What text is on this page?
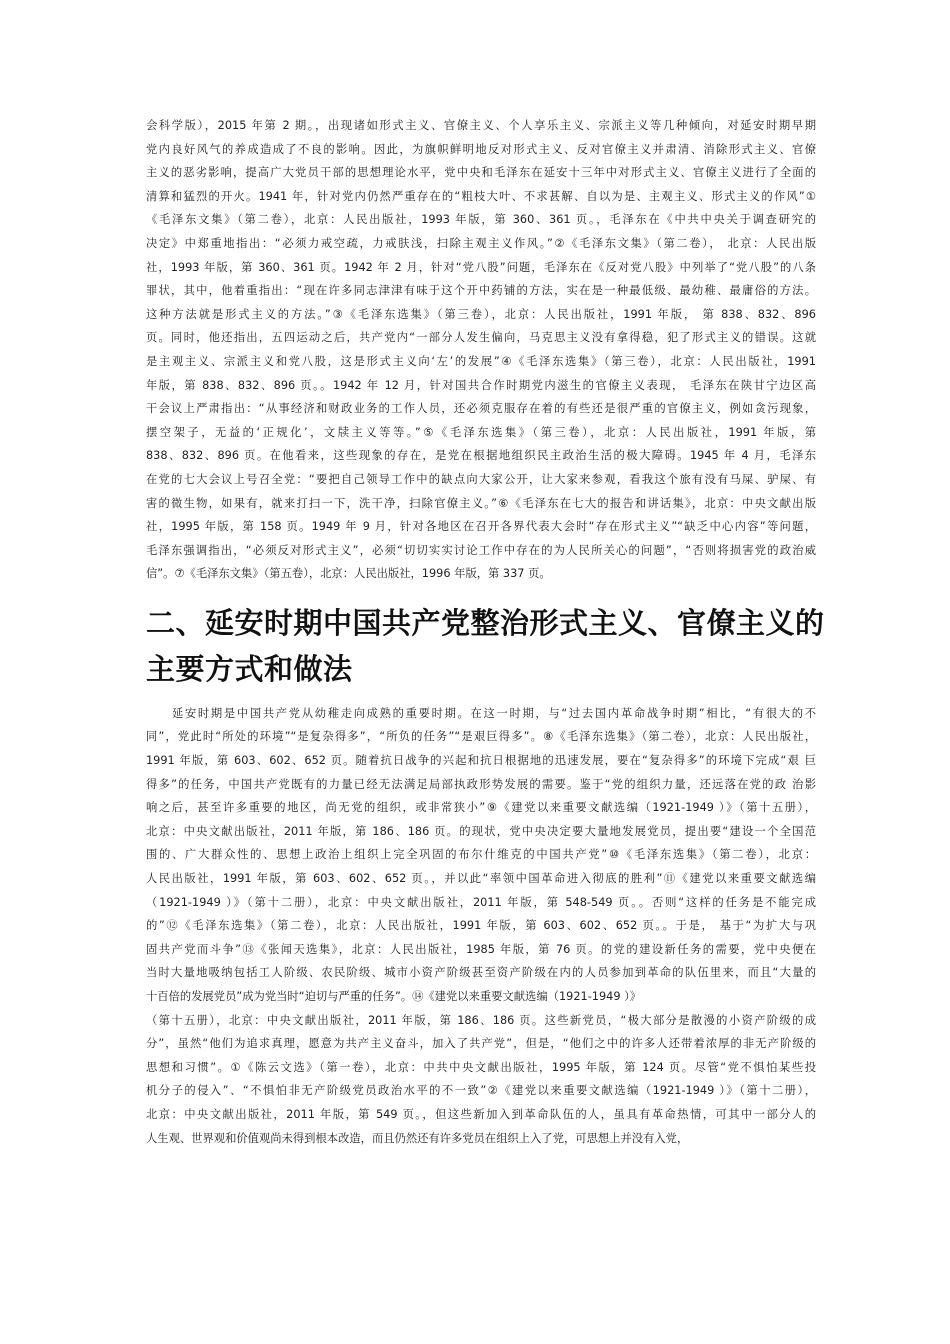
会科学版），2015 年第 2 期。，出现诸如形式主义、官僚主义、个人享乐主义、宗派主义等几种倾向，对延安时期早期

党内良好风气的养成造成了不良的影响。因此，为旗帜鲜明地反对形式主义、反对官僚主义并肃清、消除形式主义、官僚

主义的恶劣影响，提高广大党员干部的思想理论水平，党中央和毛泽东在延安十三年中对形式主义、官僚主义进行了全面的

清算和猛烈的开火。1941 年，针对党内仍然严重存在的“粗枝大叶、不求甚解、自以为是、主观主义、形式主义的作风”①

《毛泽东文集》（第二卷），北京：人民出版社，1993 年版，第 360、361 页。，毛泽东在《中共中央关于调查研究的

决定》中郑重地指出：“必须力戒空疏，力戒肤浅，扫除主观主义作风。”②《毛泽东文集》（第二卷）， 北京：人民出版

社，1993 年版，第 360、361 页。1942 年 2 月，针对“党八股”问题，毛泽东在《反对党八股》中列举了“党八股”的八条

罪状，其中，他着重指出：“现在许多同志津津有味于这个开中药铺的方法，实在是一种最低级、最幼稚、最庸俗的方法。

这种方法就是形式主义的方法。”③《毛泽东选集》（第三卷），北京：人民出版社，1991 年版， 第 838、832、896

页。同时，他还指出，五四运动之后，共产党内“一部分人发生偏向，马克思主义没有拿得稳，犯了形式主义的错误。这就

是主观主义、宗派主义和党八股，这是形式主义向‘左’的发展”④《毛泽东选集》（第三卷），北京：人民出版社，1991

年版，第 838、832、896 页。。1942 年 12 月，针对国共合作时期党内滋生的官僚主义表现， 毛泽东在陕甘宁边区高

干会议上严肃指出：“从事经济和财政业务的工作人员，还必须克服存在着的有些还是很严重的官僚主义，例如贪污现象，

摆空架子，无益的‘正规化’，文牍主义等等。”⑤《毛泽东选集》（第三卷），北京：人民出版社，1991 年版，第

838、832、896 页。在他看来，这些现象的存在，是党在根据地组织民主政治生活的极大障碍。1945 年 4 月，毛泽东

在党的七大会议上号召全党：“要把自己领导工作中的缺点向大家公开，让大家来参观，看我这个旅有没有马屎、驴屎、有

害的微生物，如果有，就来打扫一下，洗干净，扫除官僚主义。”⑥《毛泽东在七大的报告和讲话集》，北京：中央文献出版

社，1995 年版，第 158 页。1949 年 9 月，针对各地区在召开各界代表大会时“存在形式主义”“缺乏中心内容”等问题，

毛泽东强调指出，“必须反对形式主义”，必须“切切实实讨论工作中存在的为人民所关心的问题”，“否则将损害党的政治威

信”。⑦《毛泽东文集》（第五卷），北京：人民出版社，1996 年版，第 337 页。

二、延安时期中国共产党整治形式主义、官僚主义的
主要方式和做法

　　延安时期是中国共产党从幼稚走向成熟的重要时期。在这一时期，与“过去国内革命战争时期”相比，“有很大的不

同”，党此时“所处的环境”“是复杂得多”，“所负的任务”“是艰巨得多”。⑧《毛泽东选集》（第二卷），北京：人民出版社，

1991 年版，第 603、602、652 页。随着抗日战争的兴起和抗日根据地的迅速发展，要在“复杂得多”的环境下完成“艰 巨

得多”的任务，中国共产党既有的力量已经无法满足局部执政形势发展的需要。鉴于“党的组织力量，还远落在党的政 治影

响之后，甚至许多重要的地区，尚无党的组织，或非常狭小”⑨《建党以来重要文献选编（1921-1949 ）》（第十五册），

北京：中央文献出版社，2011 年版，第 186、186 页。的现状，党中央决定要大量地发展党员，提出要“建设一个全国范

围的、广大群众性的、思想上政治上组织上完全巩固的布尔什维克的中国共产党”⑩《毛泽东选集》（第二卷），北京：

人民出版社，1991 年版，第 603、602、652 页。，并以此“率领中国革命进入彻底的胜利”⑪《建党以来重要文献选编

（1921-1949 ）》（第十二册），北京：中央文献出版社，2011 年版，第 548-549 页。。否则“这样的任务是不能完成

的”⑫《毛泽东选集》（第二卷），北京：人民出版社，1991 年版，第 603、602、652 页。。于是， 基于“为扩大与巩

固共产党而斗争”⑬《张闻天选集》，北京：人民出版社，1985 年版，第 76 页。的党的建设新任务的需要，党中央便在

当时大量地吸纳包括工人阶级、农民阶级、城市小资产阶级甚至资产阶级在内的人员参加到革命的队伍里来，而且“大量的

十百倍的发展党员”成为党当时“迫切与严重的任务”。⑭《建党以来重要文献选编（1921-1949 ）》

（第十五册），北京：中央文献出版社，2011 年版，第 186、186 页。这些新党员，“极大部分是散漫的小资产阶级的成

分”，虽然“他们为追求真理，愿意为共产主义奋斗，加入了共产党”，但是，“他们之中的许多人还带着浓厚的非无产阶级的

思想和习惯”。①《陈云文选》（第一卷），北京：中共中央文献出版社，1995 年版，第 124 页。尽管“党不惧怕某些投

机分子的侵入”、“不惧怕非无产阶级党员政治水平的不一致”②《建党以来重要文献选编（1921-1949 ）》（第十二册），

北京：中央文献出版社，2011 年版，第 549 页。，但这些新加入到革命队伍的人，虽具有革命热情，可其中一部分人的

人生观、世界观和价值观尚未得到根本改造，而且仍然还有许多党员在组织上入了党，可思想上并没有入党，
